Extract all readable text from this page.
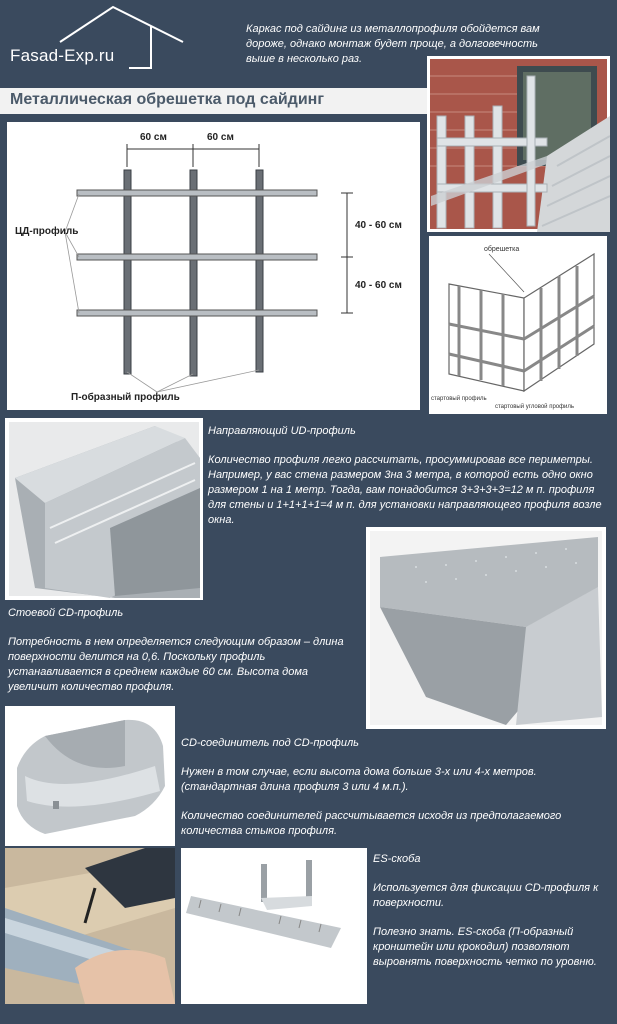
Fasad-Exp.ru
Каркас под сайдинг из металлопрофиля обойдется вам дороже, однако монтаж будет проще, а долговечность выше в несколько раз.
Металлическая обрешетка под сайдинг
60 см	60 см
40 - 60 см
40 - 60 см
ЦД-профиль
П-образный профиль
обрешетка
стартовый профиль
стартовый угловой профиль
Направляющий UD-профиль
Количество профиля легко рассчитать, просуммировав все периметры. Например, у вас стена размером 3на 3 метра, в которой есть одно окно размером 1 на 1 метр. Тогда, вам понадобится 3+3+3+3=12 м п. профиля для стены и 1+1+1+1=4 м п. для установки направляющего профиля возле окна.
Стоевой CD-профиль
Потребность в нем определяется следующим образом – длина поверхности делится на 0,6. Поскольку профиль устанавливается в среднем каждые 60 см. Высота дома увеличит количество профиля.
CD-соединитель под CD-профиль
Нужен в том случае, если высота дома больше 3-х или 4-х метров. (стандартная длина профиля 3 или 4 м.п.).
Количество соединителей рассчитывается исходя из предполагаемого количества стыков профиля.
ES-скоба
Используется для фиксации CD-профиля к поверхности.
Полезно знать. ES-скоба (П-образный кронштейн или крокодил) позволяют выровнять поверхность четко по уровню.
